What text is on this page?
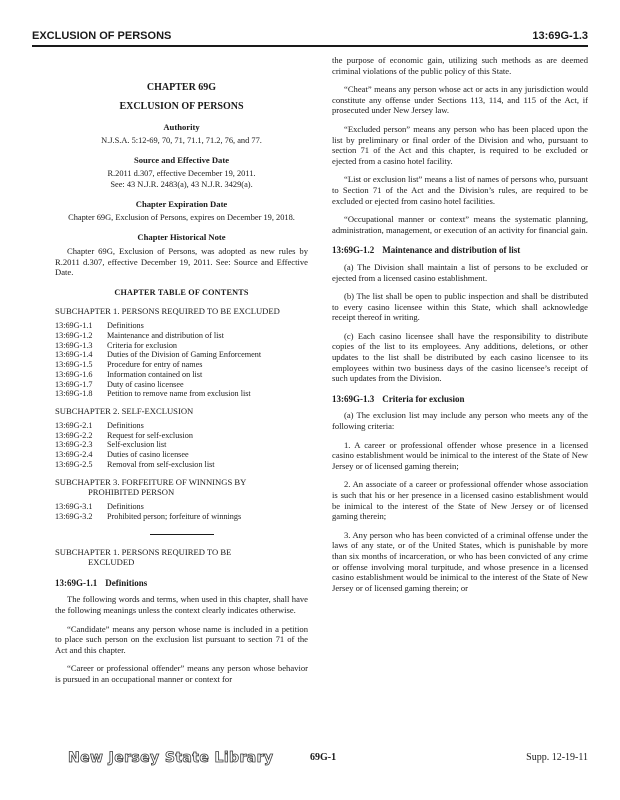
EXCLUSION OF PERSONS	13:69G-1.3
CHAPTER 69G
EXCLUSION OF PERSONS
Authority
N.J.S.A. 5:12-69, 70, 71, 71.1, 71.2, 76, and 77.
Source and Effective Date
R.2011 d.307, effective December 19, 2011.
See: 43 N.J.R. 2483(a), 43 N.J.R. 3429(a).
Chapter Expiration Date
Chapter 69G, Exclusion of Persons, expires on December 19, 2018.
Chapter Historical Note
Chapter 69G, Exclusion of Persons, was adopted as new rules by R.2011 d.307, effective December 19, 2011. See: Source and Effective Date.
CHAPTER TABLE OF CONTENTS
SUBCHAPTER 1. PERSONS REQUIRED TO BE EXCLUDED
13:69G-1.1	Definitions
13:69G-1.2	Maintenance and distribution of list
13:69G-1.3	Criteria for exclusion
13:69G-1.4	Duties of the Division of Gaming Enforcement
13:69G-1.5	Procedure for entry of names
13:69G-1.6	Information contained on list
13:69G-1.7	Duty of casino licensee
13:69G-1.8	Petition to remove name from exclusion list
SUBCHAPTER 2. SELF-EXCLUSION
13:69G-2.1	Definitions
13:69G-2.2	Request for self-exclusion
13:69G-2.3	Self-exclusion list
13:69G-2.4	Duties of casino licensee
13:69G-2.5	Removal from self-exclusion list
SUBCHAPTER 3. FORFEITURE OF WINNINGS BY
PROHIBITED PERSON
13:69G-3.1	Definitions
13:69G-3.2	Prohibited person; forfeiture of winnings
SUBCHAPTER 1. PERSONS REQUIRED TO BE
EXCLUDED
13:69G-1.1 Definitions

The following words and terms, when used in this chapter, shall have the following meanings unless the context clearly indicates otherwise.

“Candidate” means any person whose name is included in a petition to place such person on the exclusion list pursuant to section 71 of the Act and this chapter.

“Career or professional offender” means any person whose behavior is pursued in an occupational manner or context for

the purpose of economic gain, utilizing such methods as are deemed criminal violations of the public policy of this State.

“Cheat” means any person whose act or acts in any jurisdiction would constitute any offense under Sections 113, 114, and 115 of the Act, if prosecuted under New Jersey law.

“Excluded person” means any person who has been placed upon the list by preliminary or final order of the Division and who, pursuant to section 71 of the Act and this chapter, is required to be excluded or ejected from a casino hotel facility.

“List or exclusion list” means a list of names of persons who, pursuant to Section 71 of the Act and the Division’s rules, are required to be excluded or ejected from casino hotel facilities.

“Occupational manner or context” means the systematic planning, administration, management, or execution of an activity for financial gain.

13:69G-1.2 Maintenance and distribution of list

(a) The Division shall maintain a list of persons to be excluded or ejected from a licensed casino establishment.

(b) The list shall be open to public inspection and shall be distributed to every casino licensee within this State, which shall acknowledge receipt thereof in writing.

(c) Each casino licensee shall have the responsibility to distribute copies of the list to its employees. Any additions, deletions, or other updates to the list shall be distributed by each casino licensee to its employees within two business days of the casino licensee’s receipt of such updates from the Division.

13:69G-1.3 Criteria for exclusion

(a) The exclusion list may include any person who meets any of the following criteria:

1. A career or professional offender whose presence in a licensed casino establishment would be inimical to the interest of the State of New Jersey or of licensed gaming therein;

2. An associate of a career or professional offender whose association is such that his or her presence in a licensed casino establishment would be inimical to the interest of the State of New Jersey or of licensed gaming therein;

3. Any person who has been convicted of a criminal offense under the laws of any state, or of the United States, which is punishable by more than six months of incarceration, or who has been convicted of any crime or offense involving moral turpitude, and whose presence in a licensed casino establishment would be inimical to the interest of the State of New Jersey or of licensed gaming therein; or

New Jersey State Library	69G-1	Supp. 12-19-11
